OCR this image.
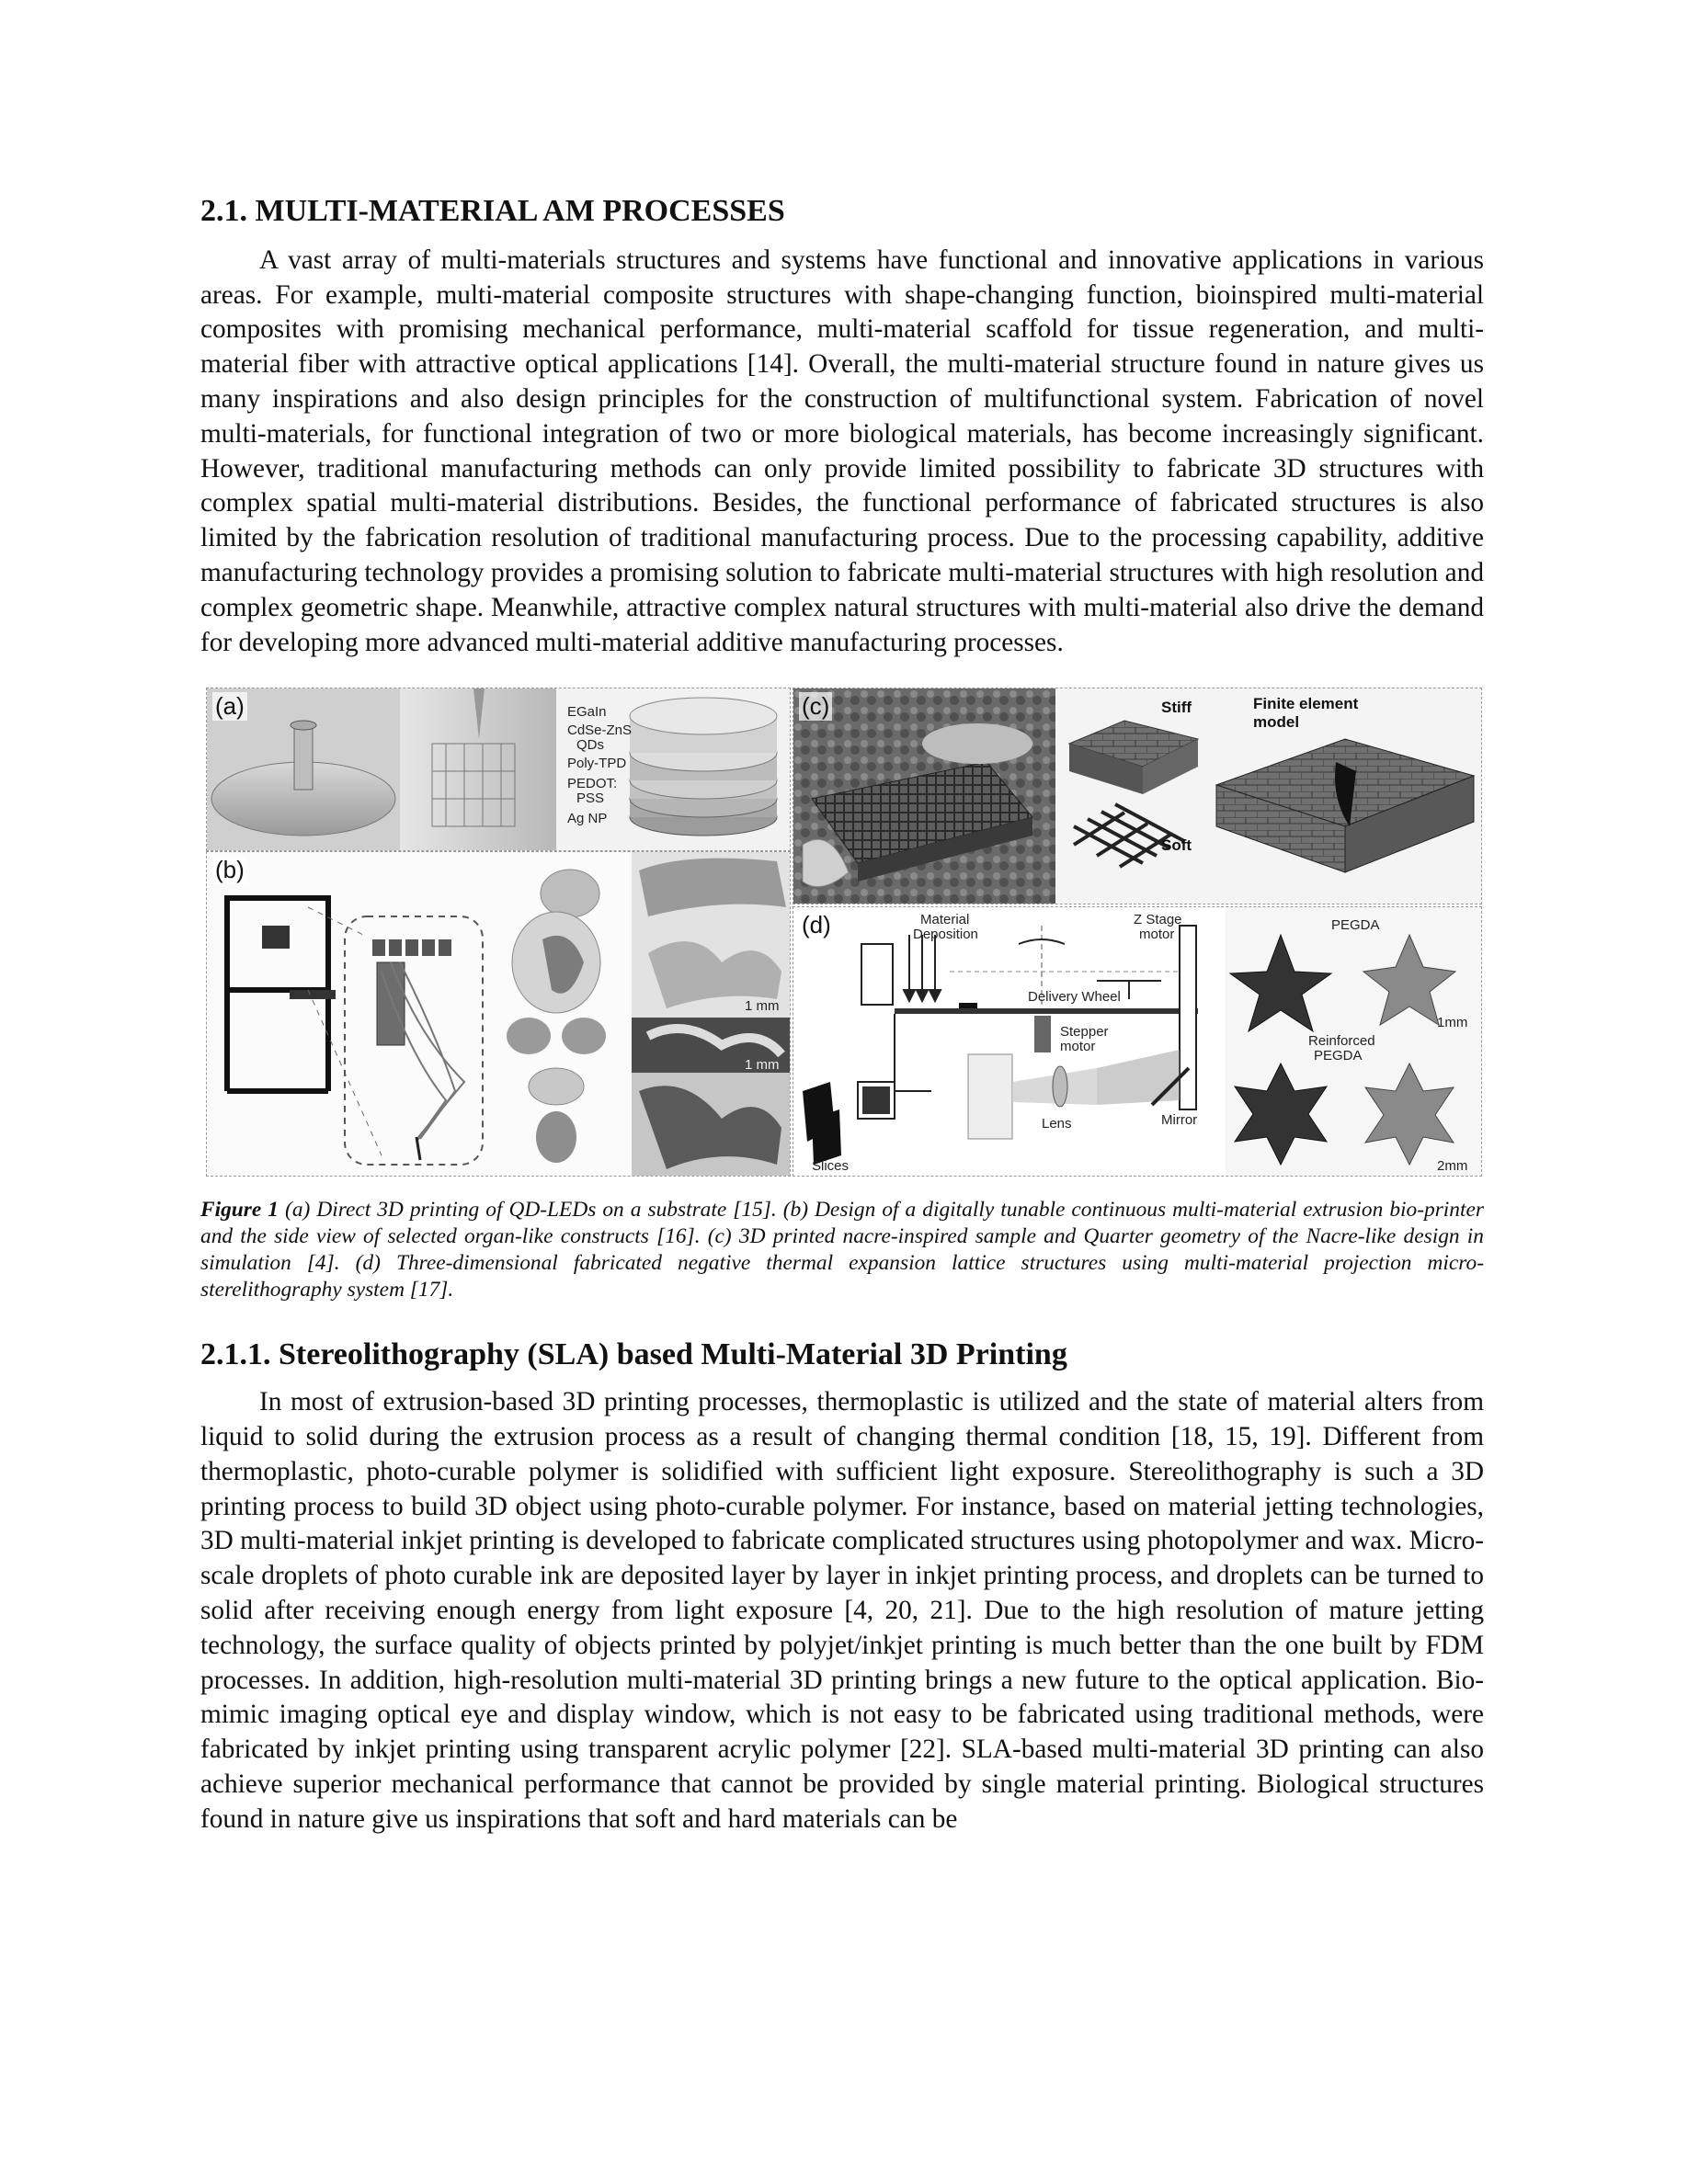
2.1. MULTI-MATERIAL AM PROCESSES

A vast array of multi-materials structures and systems have functional and innovative applications in various areas. For example, multi-material composite structures with shape-changing function, bioinspired multi-material composites with promising mechanical performance, multi-material scaffold for tissue regeneration, and multi-material fiber with attractive optical applications [14]. Overall, the multi-material structure found in nature gives us many inspirations and also design principles for the construction of multifunctional system. Fabrication of novel multi-materials, for functional integration of two or more biological materials, has become increasingly significant. However, traditional manufacturing methods can only provide limited possibility to fabricate 3D structures with complex spatial multi-material distributions. Besides, the functional performance of fabricated structures is also limited by the fabrication resolution of traditional manufacturing process. Due to the processing capability, additive manufacturing technology provides a promising solution to fabricate multi-material structures with high resolution and complex geometric shape. Meanwhile, attractive complex natural structures with multi-material also drive the demand for developing more advanced multi-material additive manufacturing processes.

(a)	EGaIn
CdSe-ZnS
QDs
Poly-TPD
PEDOT:
PSS
Ag NP
(c)	Stiff
Soft
Finite element
model
(b)
1 mm
1 mm
(d)	Material
Deposition
Delivery Wheel
Stepper
motor
Z Stage
motor
Slices
Lens	Mirror
PEGDA
Reinforced
PEGDA
1mm
2mm
Figure 1 (a) Direct 3D printing of QD-LEDs on a substrate [15]. (b) Design of a digitally tunable continuous multi-material extrusion bio-printer and the side view of selected organ-like constructs [16]. (c) 3D printed nacre-inspired sample and Quarter geometry of the Nacre-like design in simulation [4]. (d) Three-dimensional fabricated negative thermal expansion lattice structures using multi-material projection micro-sterelithography system [17].
2.1.1. Stereolithography (SLA) based Multi-Material 3D Printing

In most of extrusion-based 3D printing processes, thermoplastic is utilized and the state of material alters from liquid to solid during the extrusion process as a result of changing thermal condition [18, 15, 19]. Different from thermoplastic, photo-curable polymer is solidified with sufficient light exposure. Stereolithography is such a 3D printing process to build 3D object using photo-curable polymer. For instance, based on material jetting technologies, 3D multi-material inkjet printing is developed to fabricate complicated structures using photopolymer and wax. Micro-scale droplets of photo curable ink are deposited layer by layer in inkjet printing process, and droplets can be turned to solid after receiving enough energy from light exposure [4, 20, 21]. Due to the high resolution of mature jetting technology, the surface quality of objects printed by polyjet/inkjet printing is much better than the one built by FDM processes. In addition, high-resolution multi-material 3D printing brings a new future to the optical application. Bio-mimic imaging optical eye and display window, which is not easy to be fabricated using traditional methods, were fabricated by inkjet printing using transparent acrylic polymer [22]. SLA-based multi-material 3D printing can also achieve superior mechanical performance that cannot be provided by single material printing. Biological structures found in nature give us inspirations that soft and hard materials can be
